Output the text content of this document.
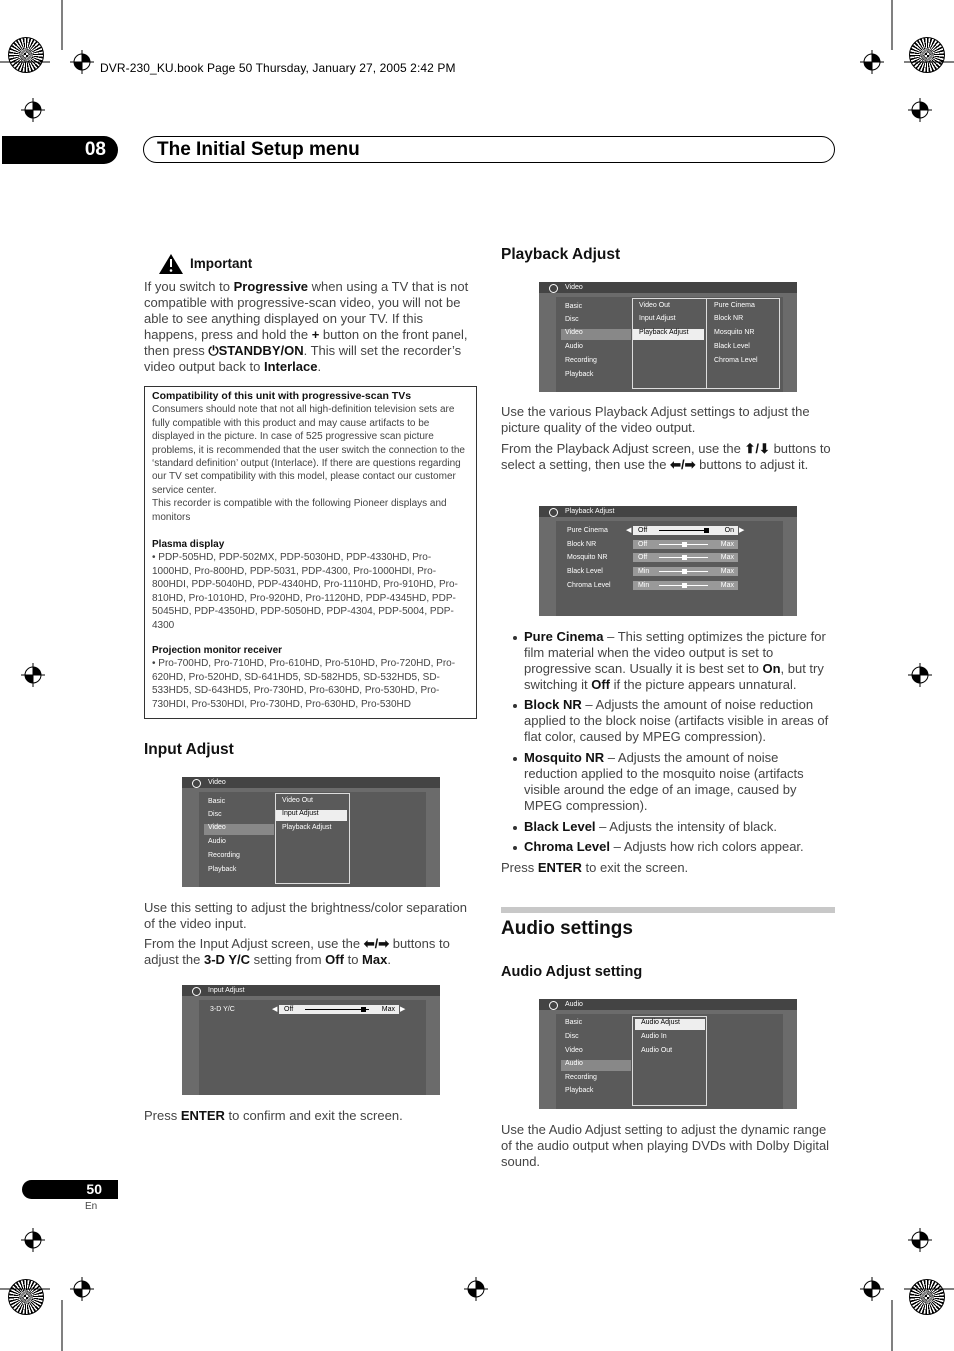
DVR-230_KU.book Page 50 Thursday, January 27, 2005 2:42 PM
08	The Initial Setup menu
Important
If you switch to Progressive when using a TV that is not compatible with progressive-scan video, you will not be able to see anything displayed on your TV. If this happens, press and hold the + button on the front panel, then press ⏻STANDBY/ON. This will set the recorder’s video output back to Interlace.
Compatibility of this unit with progressive-scan TVs
Consumers should note that not all high-definition television sets are fully compatible with this product and may cause artifacts to be displayed in the picture. In case of 525 progressive scan picture problems, it is recommended that the user switch the connection to the ‘standard definition’ output (Interlace). If there are questions regarding our TV set compatibility with this model, please contact our customer service center.
This recorder is compatible with the following Pioneer displays and monitors
Plasma display
• PDP-505HD, PDP-502MX, PDP-5030HD, PDP-4330HD, Pro-1000HD, Pro-800HD, PDP-5031, PDP-4300, Pro-1000HDI, Pro-800HDI, PDP-5040HD, PDP-4340HD, Pro-1110HD, Pro-910HD, Pro-810HD, Pro-1010HD, Pro-920HD, Pro-1120HD, PDP-4345HD, PDP-5045HD, PDP-4350HD, PDP-5050HD, PDP-4304, PDP-5004, PDP-4300
Projection monitor receiver
• Pro-700HD, Pro-710HD, Pro-610HD, Pro-510HD, Pro-720HD, Pro-620HD, Pro-520HD, SD-641HD5, SD-582HD5, SD-532HD5, SD-533HD5, SD-643HD5, Pro-730HD, Pro-630HD, Pro-530HD, Pro-730HDI, Pro-530HDI, Pro-730HD, Pro-630HD, Pro-530HD
Input Adjust
Video
Basic
Disc
Video
Audio
Recording
Playback
Video Out
Input Adjust
Playback Adjust
Use this setting to adjust the brightness/color separation of the video input.
From the Input Adjust screen, use the ⬅/➡ buttons to adjust the 3-D Y/C setting from Off to Max.
Input Adjust
3-D Y/C	◀ Off	Max ▶
Press ENTER to confirm and exit the screen.
Playback Adjust
Video
Basic
Disc
Video
Audio
Recording
Playback
Video Out
Input Adjust
Playback Adjust
Pure Cinema
Block NR
Mosquito NR
Black Level
Chroma Level
Use the various Playback Adjust settings to adjust the picture quality of the video output.
From the Playback Adjust screen, use the ⬆/⬇ buttons to select a setting, then use the ⬅/➡ buttons to adjust it.
Playback Adjust
Pure Cinema	◀	▶
Off	On
Block NR	Off	Max
Mosquito NR	Off	Max
Black Level	Min	Max
Chroma Level	Min	Max
Pure Cinema – This setting optimizes the picture for film material when the video output is set to progressive scan. Usually it is best set to On, but try switching it Off if the picture appears unnatural.
Block NR – Adjusts the amount of noise reduction applied to the block noise (artifacts visible in areas of flat color, caused by MPEG compression).
Mosquito NR – Adjusts the amount of noise reduction applied to the mosquito noise (artifacts visible around the edge of an image, caused by MPEG compression).
Black Level – Adjusts the intensity of black.
Chroma Level – Adjusts how rich colors appear.
Press ENTER to exit the screen.
Audio settings
Audio Adjust setting
Audio
Basic
Disc
Video
Audio
Recording
Playback
Audio Adjust
Audio In
Audio Out
Use the Audio Adjust setting to adjust the dynamic range of the audio output when playing DVDs with Dolby Digital sound.
50
En
